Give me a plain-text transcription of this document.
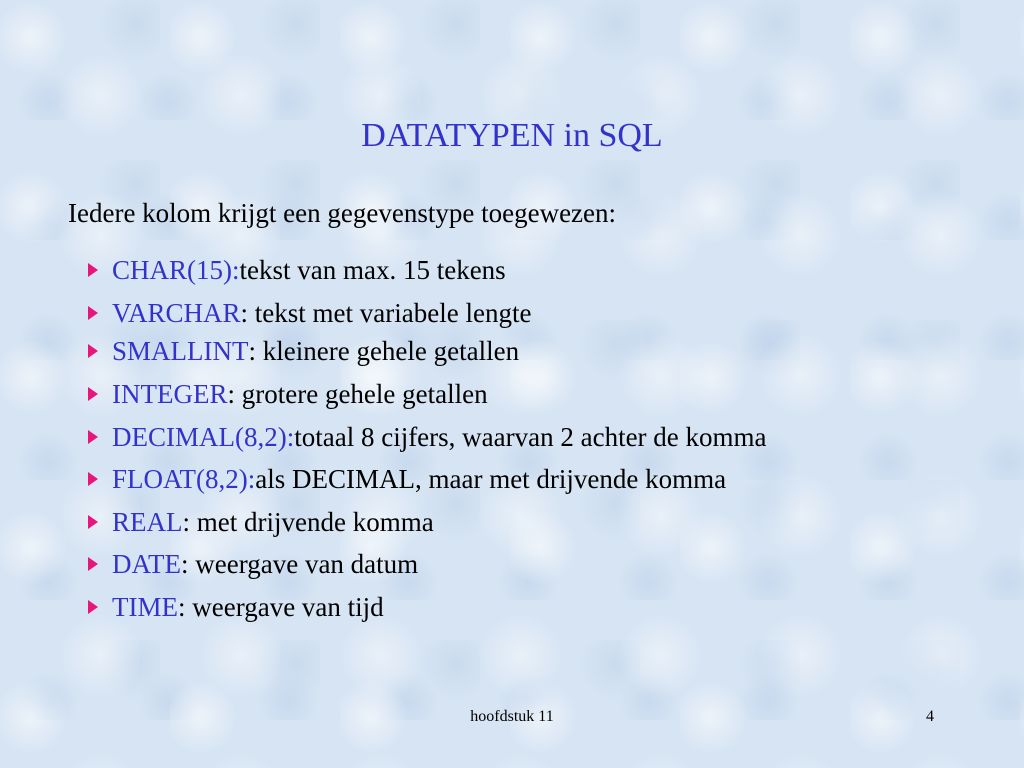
DATATYPEN in SQL
Iedere kolom krijgt een gegevenstype toegewezen:
CHAR(15): tekst van max. 15 tekens
VARCHAR : tekst met variabele lengte
SMALLINT : kleinere gehele getallen
INTEGER : grotere gehele getallen
DECIMAL(8,2): totaal 8 cijfers, waarvan 2 achter de komma
FLOAT(8,2): als DECIMAL, maar met drijvende komma
REAL : met drijvende komma
DATE : weergave van datum
TIME : weergave van tijd
hoofdstuk 11	4
